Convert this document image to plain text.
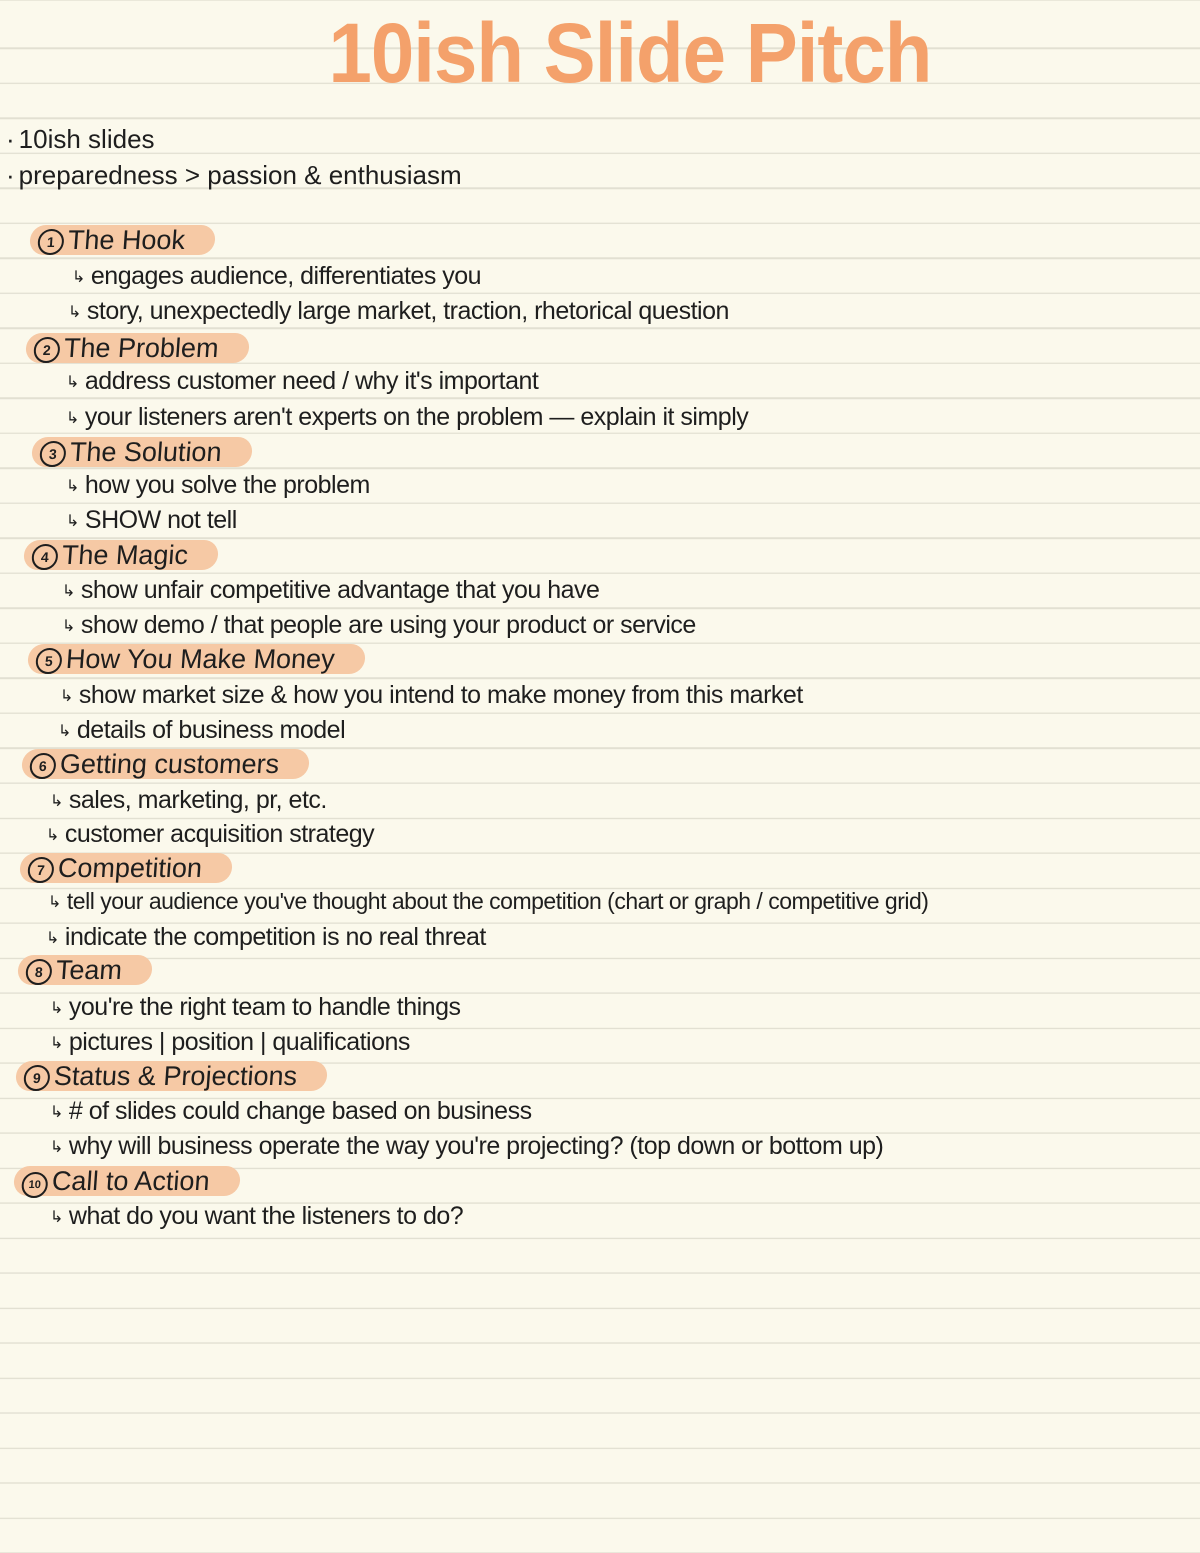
10ish Slide Pitch
· 10ish slides
· preparedness > passion & enthusiasm
1 The Hook
↳ engages audience, differentiates you
↳ story, unexpectedly large market, traction, rhetorical question
2 The Problem
↳ address customer need / why it's important
↳ your listeners aren't experts on the problem — explain it simply
3 The Solution
↳ how you solve the problem
↳ SHOW not tell
4 The Magic
↳ show unfair competitive advantage that you have
↳ show demo / that people are using your product or service
5 How You Make Money
↳ show market size & how you intend to make money from this market
↳ details of business model
6 Getting customers
↳ sales, marketing, pr, etc.
↳ customer acquisition strategy
7 Competition
↳ tell your audience you've thought about the competition (chart or graph / competitive grid)
↳ indicate the competition is no real threat
8 Team
↳ you're the right team to handle things
↳ pictures | position | qualifications
9 Status & Projections
↳ # of slides could change based on business
↳ why will business operate the way you're projecting? (top down or bottom up)
10 Call to Action
↳ what do you want the listeners to do?
